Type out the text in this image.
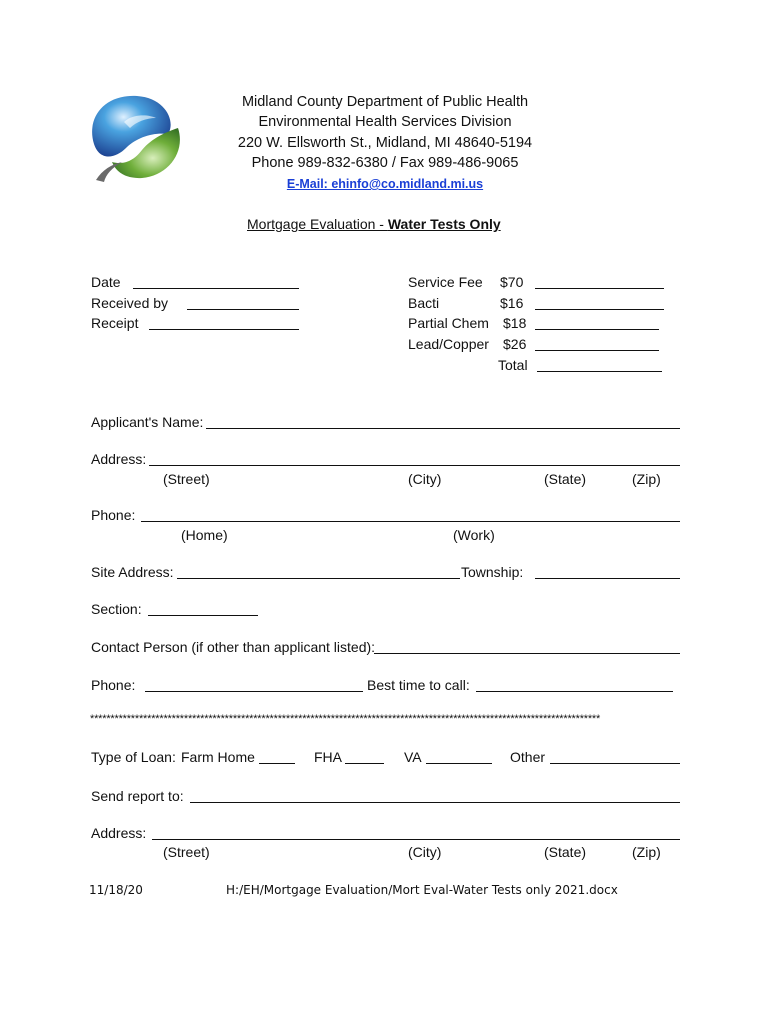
Midland County Department of Public Health
Environmental Health Services Division
220 W. Ellsworth St., Midland, MI 48640-5194
Phone 989-832-6380 / Fax 989-486-9065
E-Mail: ehinfo@co.midland.mi.us
Mortgage Evaluation - Water Tests Only
Date
Received by
Receipt
Service Fee $70
Bacti	$16
Partial Chem $18
Lead/Copper $26
Total
Applicant's Name:
Address:
(Street)	(City)	(State)	(Zip)
Phone:
(Home)	(Work)
Site Address:	Township:
Section:
Contact Person (if other than applicant listed):
Phone:	Best time to call:
*****************************************************************************************************************************
Type of Loan: Farm Home	FHA	VA	Other
Send report to:
Address:
(Street)	(City)	(State)	(Zip)
11/18/20	H:/EH/Mortgage Evaluation/Mort Eval-Water Tests only 2021.docx
